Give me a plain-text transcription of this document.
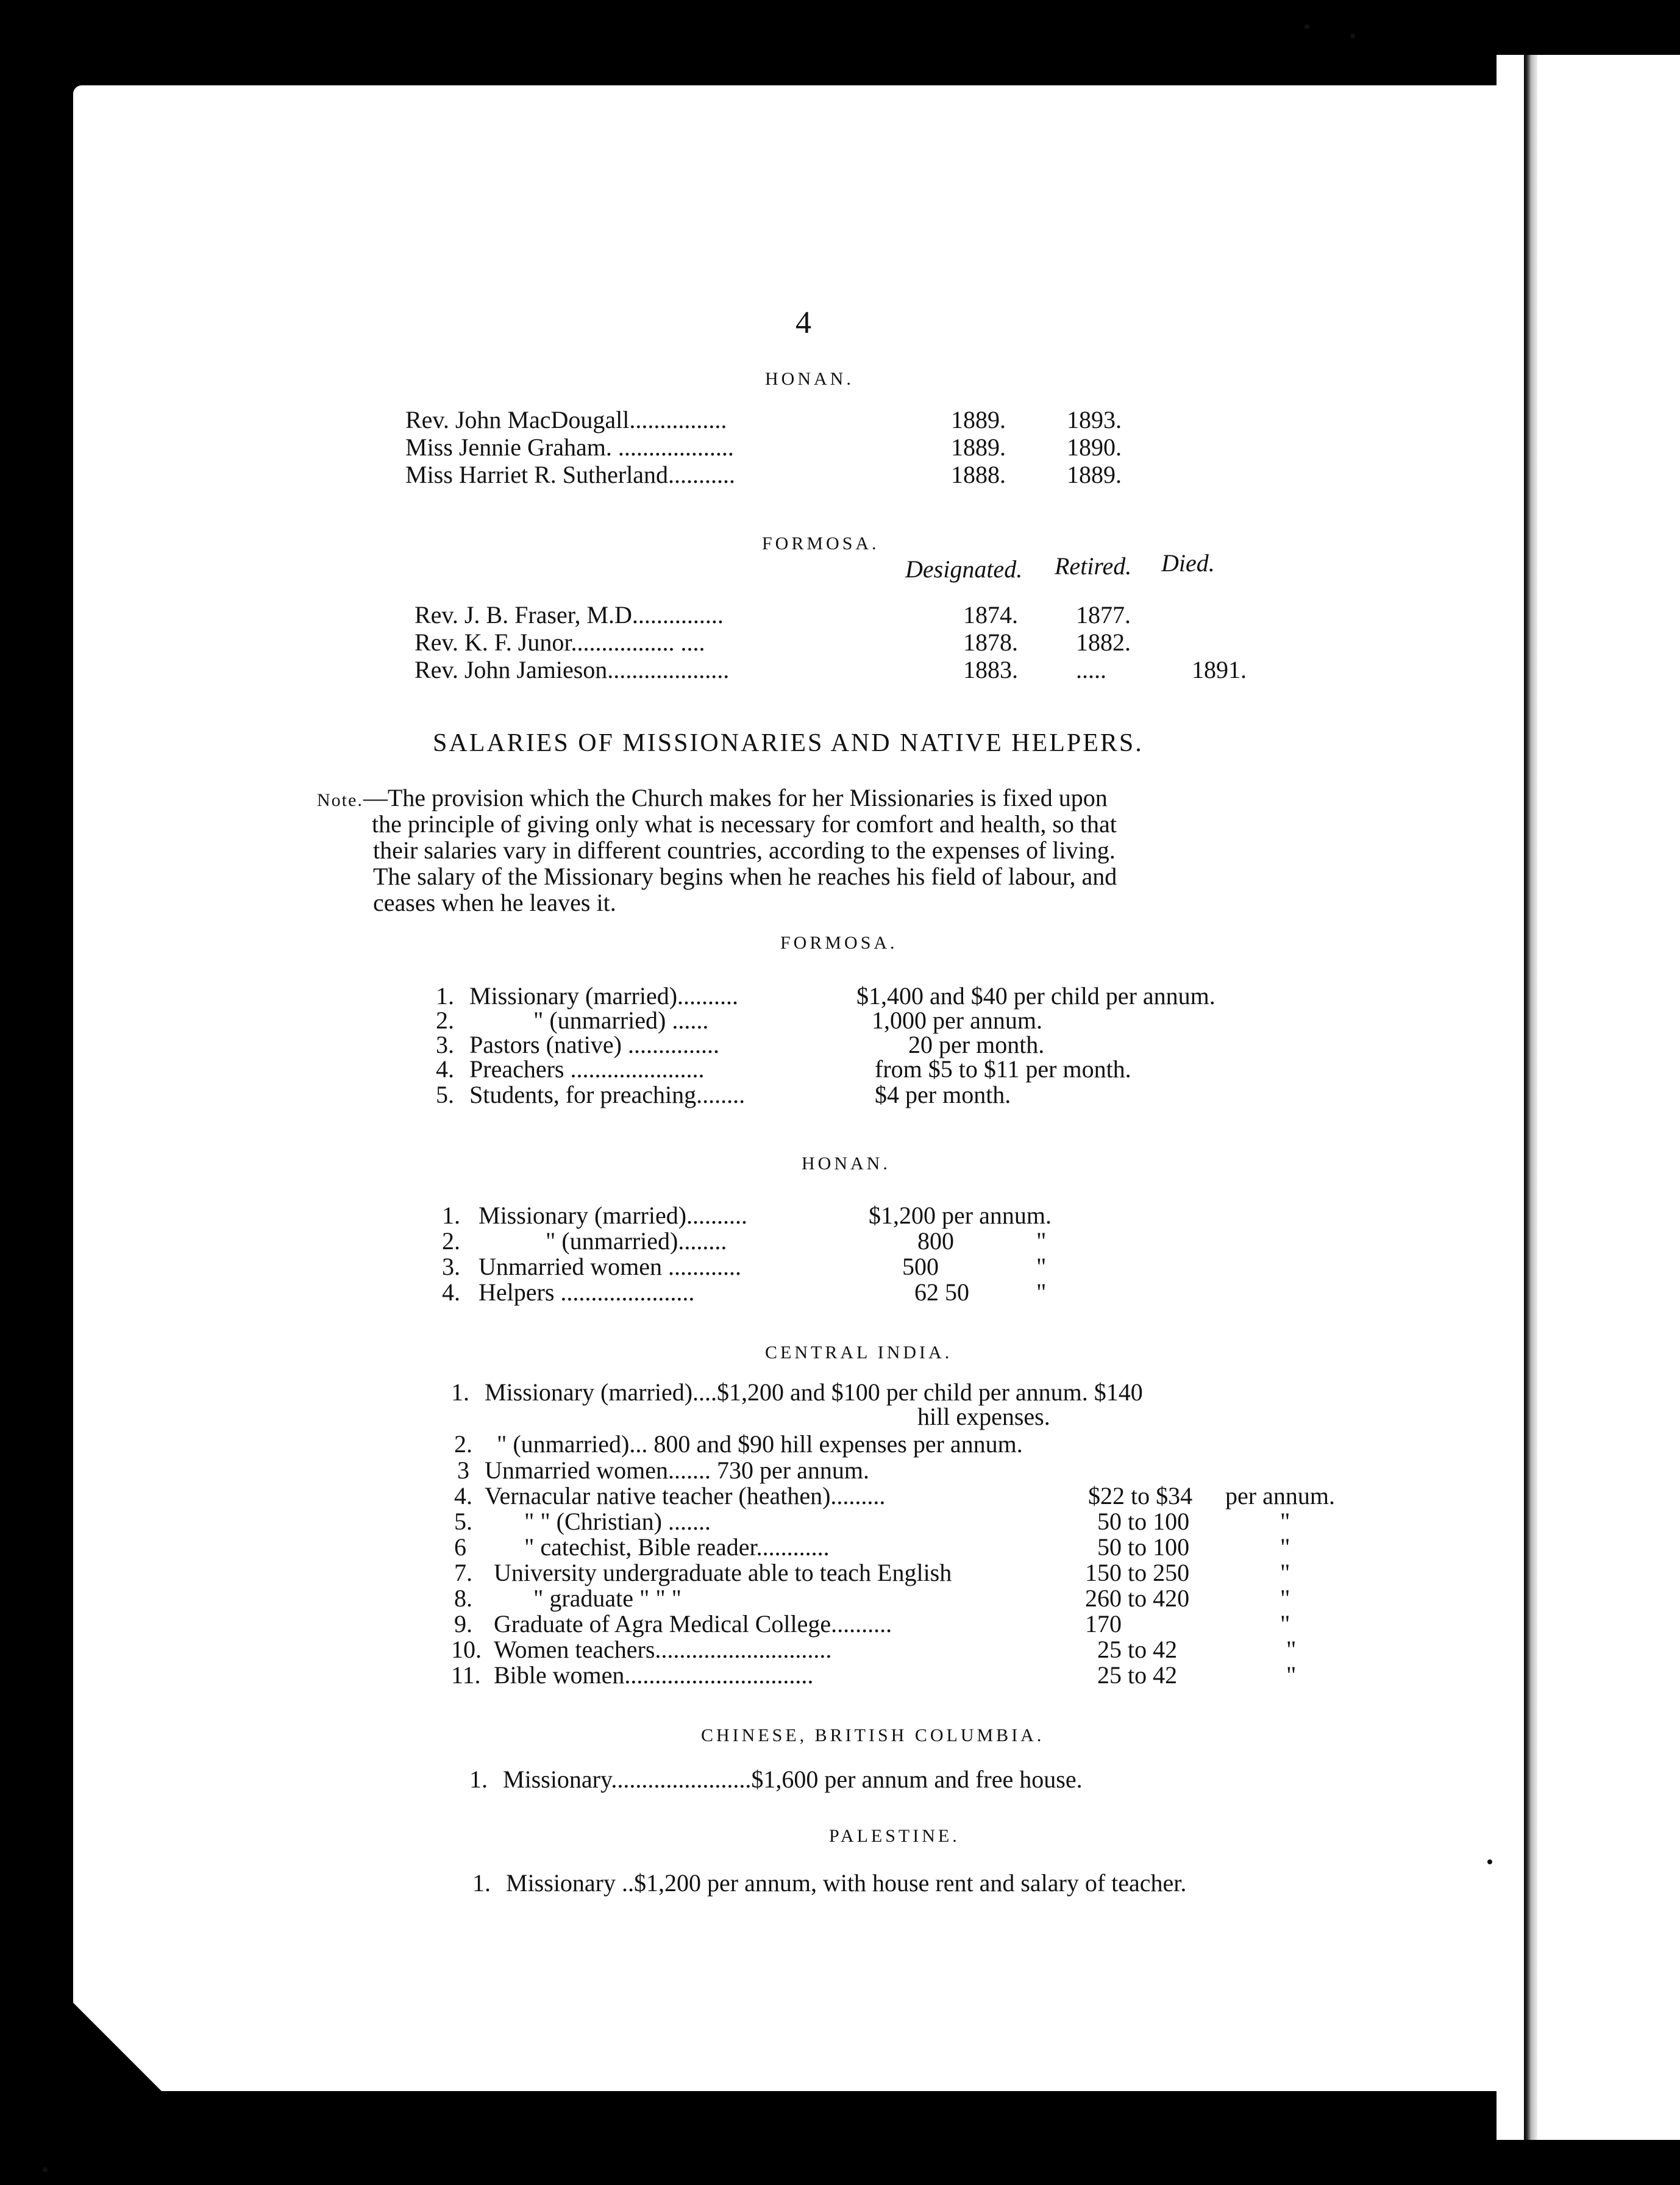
4
HONAN.
Rev. John MacDougall................	1889.	1893.
Miss Jennie Graham. ...................	1889.	1890.
Miss Harriet R. Sutherland...........	1888.	1889.
FORMOSA.
Designated. Retired. Died.
Rev. J. B. Fraser, M.D...............	1874. 1877.
Rev. K. F. Junor................. ....	1878. 1882.
Rev. John Jamieson....................	1883. .....	1891.
SALARIES OF MISSIONARIES AND NATIVE HELPERS.
Note.—The provision which the Church makes for her Missionaries is fixed upon
the principle of giving only what is necessary for comfort and health, so that
their salaries vary in different countries, according to the expenses of living.
The salary of the Missionary begins when he reaches his field of labour, and
ceases when he leaves it.
FORMOSA.
1. Missionary (married)..........	$1,400 and $40 per child per annum.
2.	" (unmarried) ......	1,000 per annum.
3. Pastors (native) ...............	20 per month.
4. Preachers ......................	from $5 to $11 per month.
5. Students, for preaching........	$4 per month.
HONAN.
1. Missionary (married)..........	$1,200 per annum.
2.	" (unmarried)........	800	"
3. Unmarried women ............	500	"
4. Helpers ......................	62 50	"
CENTRAL INDIA.
1. Missionary (married)....$1,200 and $100 per child per annum. $140
hill expenses.
2. " (unmarried)... 800 and $90 hill expenses per annum.
3 Unmarried women....... 730 per annum.
4. Vernacular native teacher (heathen).........	$22 to $34 per annum.
5. " " (Christian) .......	50 to 100	"
6 " catechist, Bible reader............	50 to 100	"
7. University undergraduate able to teach English	150 to 250	"
8.	" graduate " " "	260 to 420	"
9. Graduate of Agra Medical College..........	170	"
10. Women teachers.............................	25 to 42	"
11. Bible women...............................	25 to 42	"
CHINESE, BRITISH COLUMBIA.
1. Missionary.......................$1,600 per annum and free house.
PALESTINE.
1. Missionary ..$1,200 per annum, with house rent and salary of teacher.
